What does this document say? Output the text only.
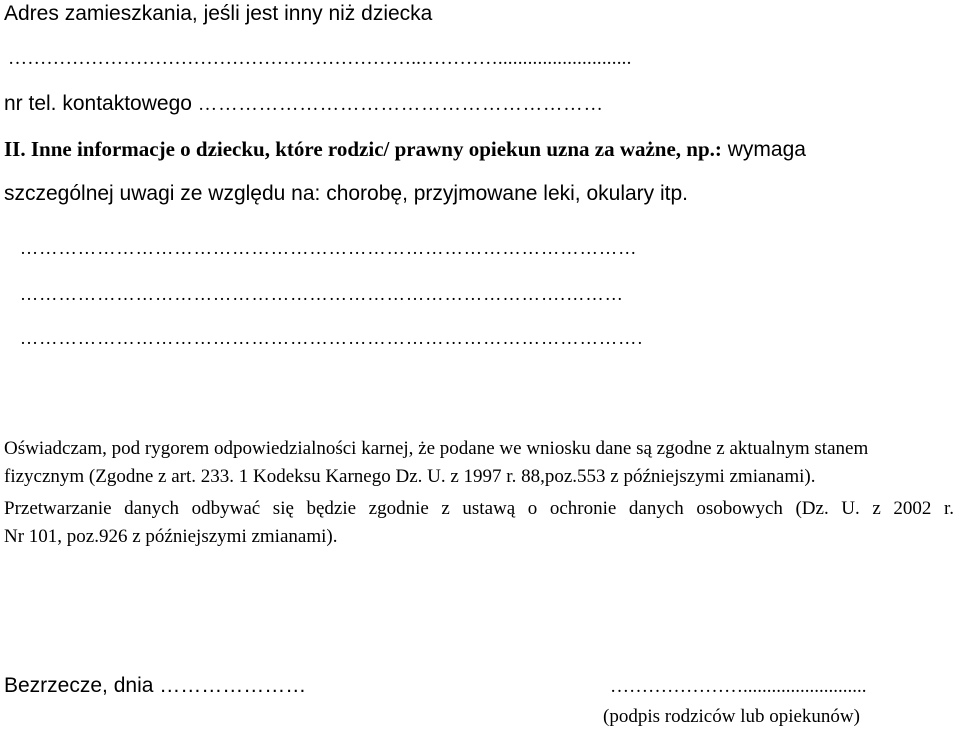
Adres zamieszkania, jeśli jest inny niż dziecka
………………………………………………………..…………...........................
nr tel. kontaktowego ……………………………………………………
II. Inne informacje o dziecku, które rodzic/ prawny opiekun uzna za ważne, np.: wymaga
szczególnej uwagi ze względu na: chorobę, przyjmowane leki, okulary itp.
……………………………………………………………………………………
………………………………………………………………………….………
…………………………………………………………………………………….
Oświadczam, pod rygorem odpowiedzialności karnej, że podane we wniosku dane są zgodne z aktualnym stanem
fizycznym (Zgodne z art. 233. 1 Kodeksu Karnego Dz. U. z 1997 r. 88,poz.553 z późniejszymi zmianami).
Przetwarzanie danych odbywać się będzie zgodnie z ustawą o ochronie danych osobowych (Dz. U. z 2002 r.
Nr 101, poz.926 z późniejszymi zmianami).
Bezrzecze, dnia …………………	…………………..........................
(podpis rodziców lub opiekunów)
